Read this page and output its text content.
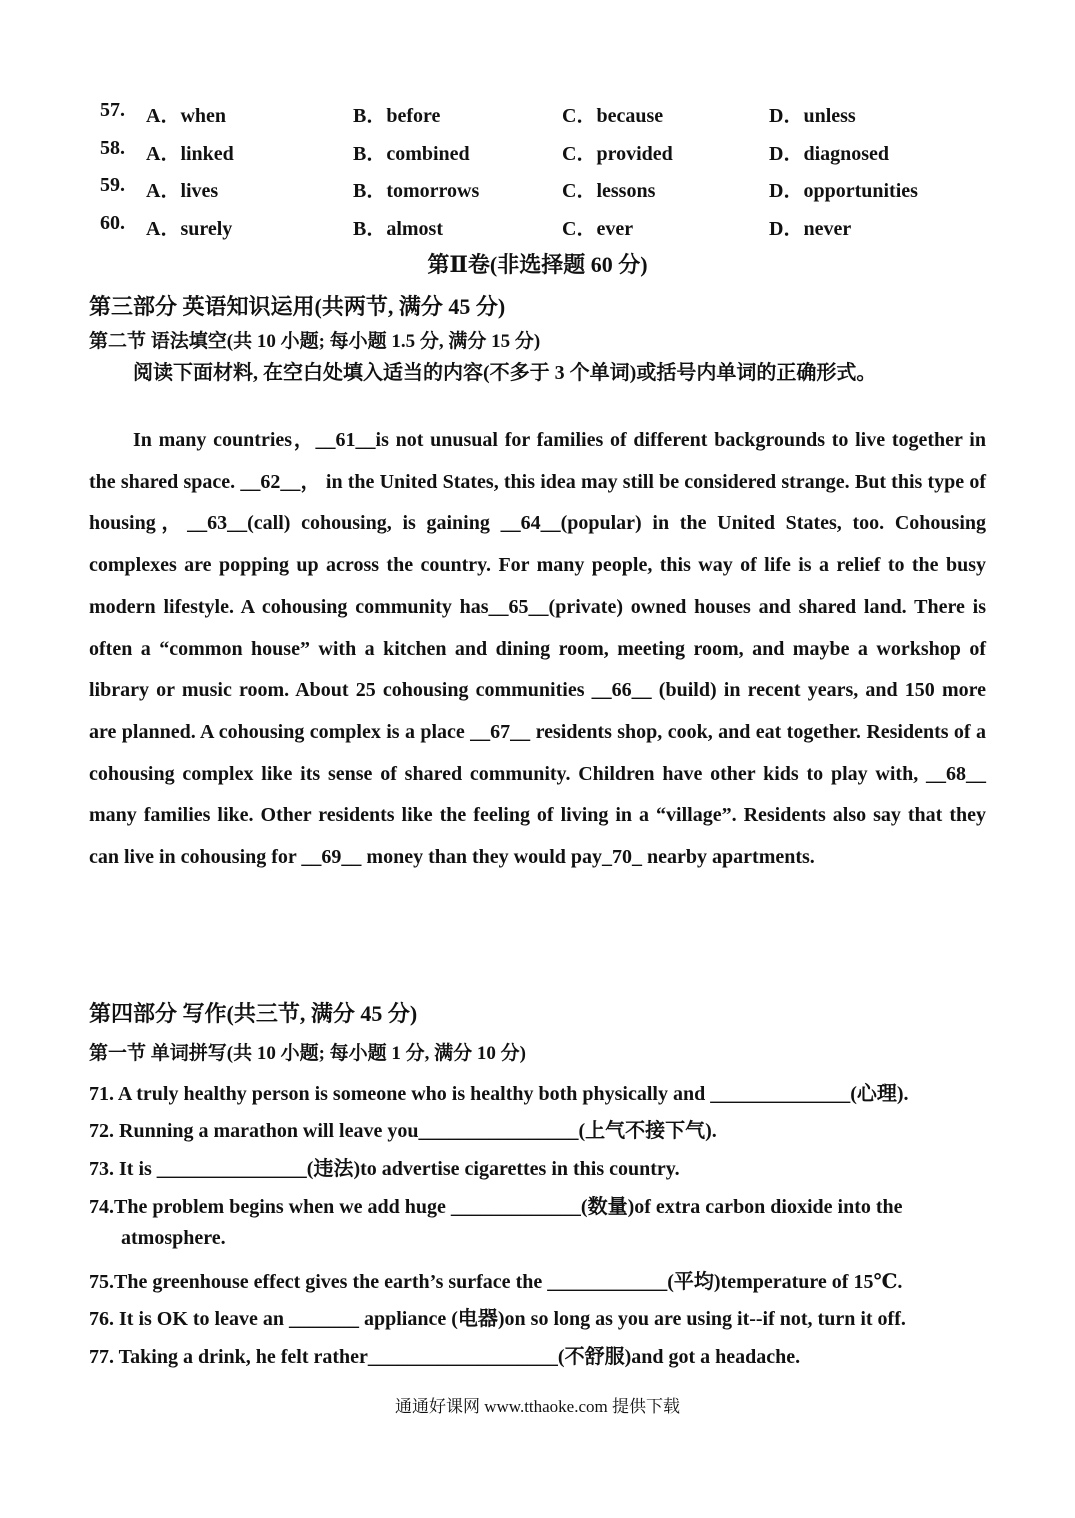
57. A．when	B．before	C．because	D．unless
58. A．linked	B．combined	C．provided	D．diagnosed
59. A．lives	B．tomorrows	C．lessons	D．opportunities
60. A．surely	B．almost	C．ever	D．never
第Ⅱ卷(非选择题 60 分)
第三部分 英语知识运用(共两节, 满分 45 分)
第二节 语法填空(共 10 小题; 每小题 1.5 分, 满分 15 分)
阅读下面材料, 在空白处填入适当的内容(不多于 3 个单词)或括号内单词的正确形式。

In many countries，__61__is not unusual for families of different backgrounds to live together in the shared space. __62__， in the United States, this idea may still be considered strange. But this type of housing，__63__(call) cohousing, is gaining __64__(popular) in the United States, too. Cohousing complexes are popping up across the country. For many people, this way of life is a relief to the busy modern lifestyle. A cohousing community has__65__(private) owned houses and shared land. There is often a “common house” with a kitchen and dining room, meeting room, and maybe a workshop of library or music room. About 25 cohousing communities __66__ (build) in recent years, and 150 more are planned. A cohousing complex is a place __67__ residents shop, cook, and eat together. Residents of a cohousing complex like its sense of shared community. Children have other kids to play with, __68__ many families like. Other residents like the feeling of living in a “village”. Residents also say that they can live in cohousing for __69__ money than they would pay_70_ nearby apartments.

第四部分 写作(共三节, 满分 45 分)
第一节 单词拼写(共 10 小题; 每小题 1 分, 满分 10 分)
71. A truly healthy person is someone who is healthy both physically and ______________(心理).
72. Running a marathon will leave you________________(上气不接下气).
73. It is _______________(违法)to advertise cigarettes in this country.
74.The problem begins when we add huge _____________(数量)of extra carbon dioxide into the
atmosphere.
75.The greenhouse effect gives the earth’s surface the ____________(平均)temperature of 15℃.
76. It is OK to leave an _______ appliance (电器)on so long as you are using it--if not, turn it off.
77. Taking a drink, he felt rather___________________(不舒服)and got a headache.
通通好课网 www.tthaoke.com 提供下载
